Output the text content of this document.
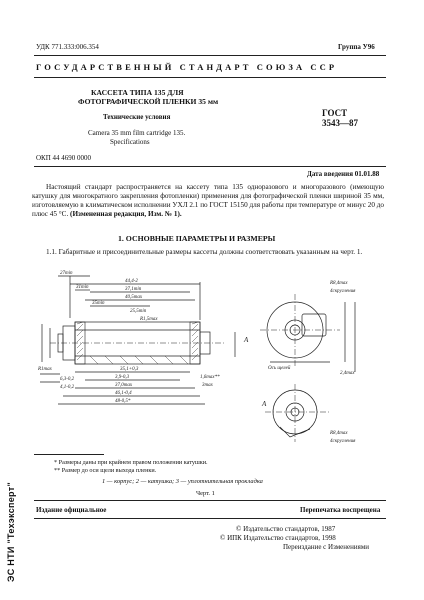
УДК 771.333:006.354	Группа У96
ГОСУДАРСТВЕННЫЙ СТАНДАРТ СОЮЗА ССР
КАССЕТА ТИПА 135 ДЛЯ
ФОТОГРАФИЧЕСКОЙ ПЛЕНКИ 35 мм
Технические условия
Camera 35 mm film cartridge 135.
Specifications
ГОСТ
3543—87
ОКП 44 4690 0000
Дата введения 01.01.88
Настоящий стандарт распространяется на кассету типа 135 одноразового и многоразового (имеющую катушку для многократного закрепления фотопленки) применения для фотографической пленки шириной 35 мм, изготовляемую в климатическом исполнении УХЛ 2.1 по ГОСТ 15150 для работы при температуре от минус 20 до плюс 45 °С. (Измененная редакция, Изм. № 1).
1. ОСНОВНЫЕ ПАРАМЕТРЫ И РАЗМЕРЫ
1.1. Габаритные и присоединительные размеры кассеты должны соответствовать указанным на черт. 1.
27min
44,4-2
37,1min
40,5max
31min
35min
25,5min
R1,5max
R1max	35,1+0,3
3,9-0,3
37,0max
46,1-0,4
48-0,5*
1,6max**
3max
6,3-0,2
4,1-0,2
А
R8,4max
4скругления
Ось щелей
2,4max
R8,4max
4скругления
А
* Размеры даны при крайнем правом положении катушки.
** Размер до оси щели выхода пленки.
1 — корпус; 2 — катушка; 3 — уплотнительная прокладка
Черт. 1
Издание официальное	Перепечатка воспрещена
© Издательство стандартов, 1987
© ИПК Издательство стандартов, 1998
Переиздание с Изменениями
ЭС НТИ "Техэксперт"
